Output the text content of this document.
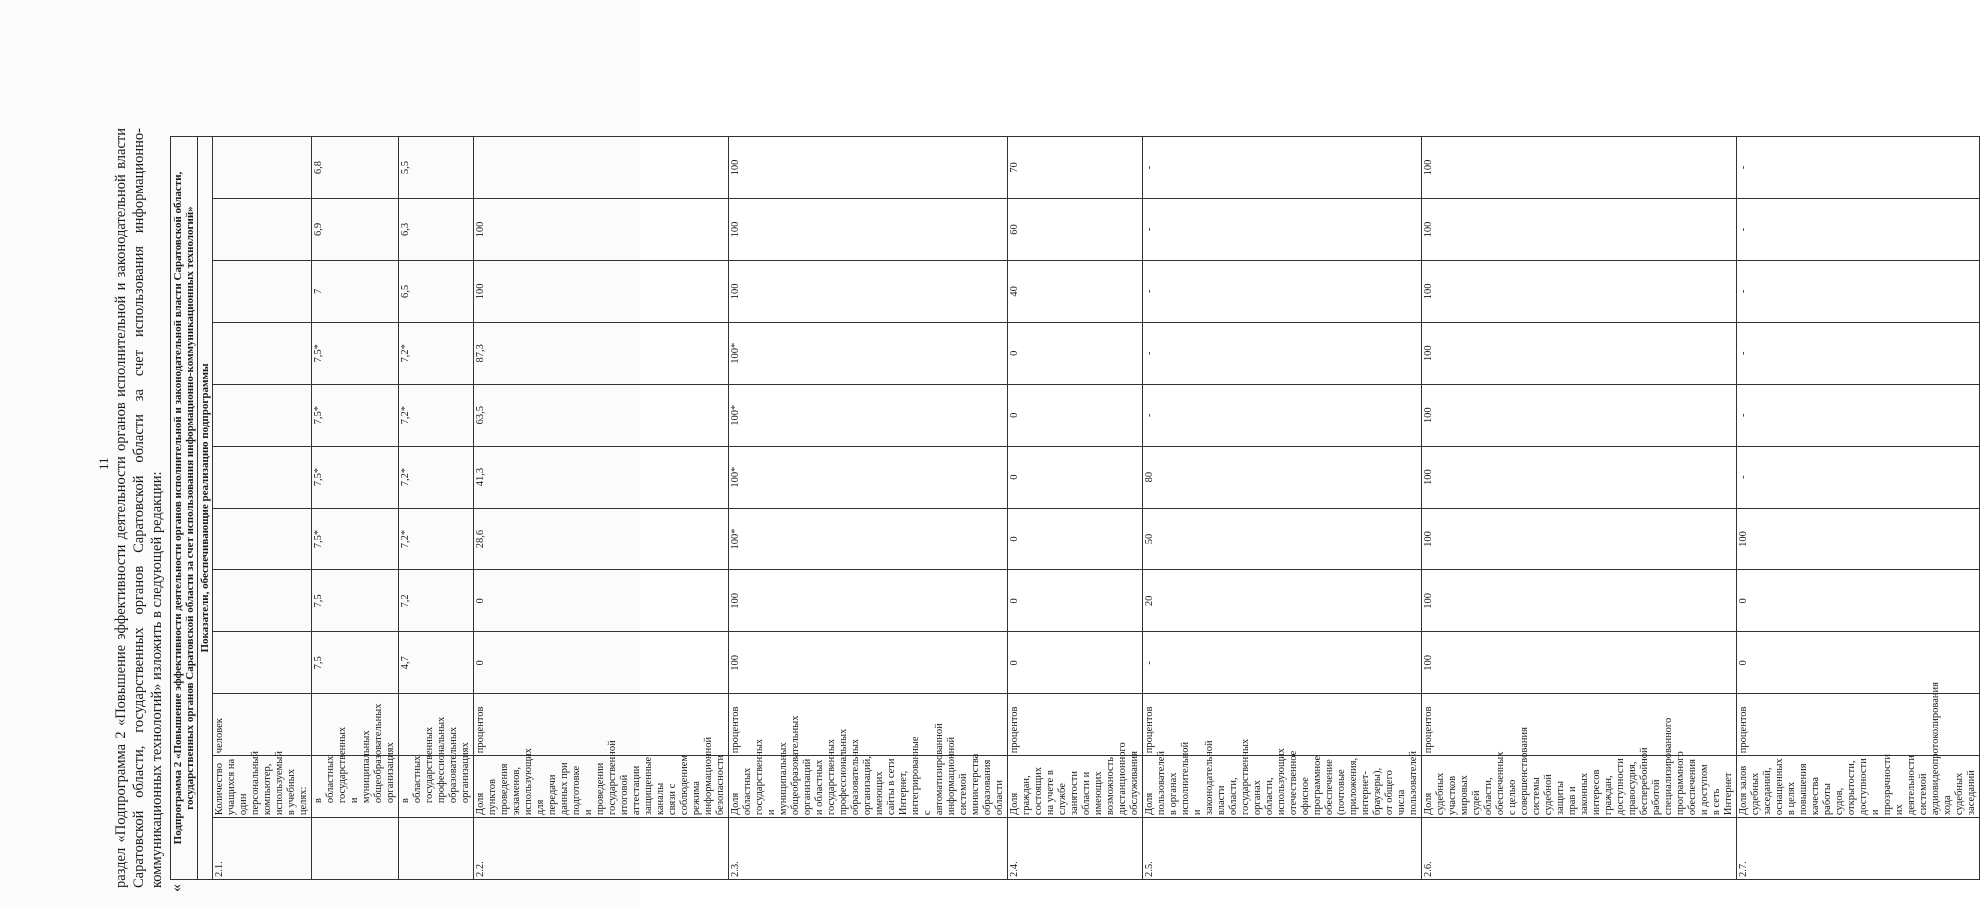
11 раздел «Подпрограмма 2 «Повышение эффективности деятельности органов исполнительной и законодательной власти Саратовской области, государственных органов Саратовской области за счет использования информационно-коммуникационных технологий» изложить в следующей редакции: «
Подпрограмма 2 «Повышение эффективности деятельности органов исполнительной и законодательной власти Саратовской области, государственных органов Саратовской области за счет использования информационно-коммуникационных технологий»											
Показатели, обеспечивающие реализацию подпрограммы											
2.1.	Количество учащихся на один персональный компьютер, используемый в учебных целях:	человек									
	в областных государственных и муниципальных общеобразовательных организациях		7,5	7,5	7,5*	7,5*	7,5*	7,5*	7	6,9	6,8
	в областных государственных профессиональных образовательных организациях		4,7	7,2	7,2*	7,2*	7,2*	7,2*	6,5	6,3	5,5
2.2.	Доля пунктов проведения экзаменов, использующих для передачи данных при подготовке и проведении государственной итоговой аттестации защищенные каналы связи с соблюдением режима информационной безопасности	процентов	0	0	28,6	41,3	63,5	87,3	100	100	
2.3.	Доля областных государственных и муниципальных общеобразовательных организаций и областных государственных профессиональных образовательных организаций, имеющих сайты в сети Интернет, интегрированные с автоматизированной информационной системой министерства образования области	процентов	100	100	100*	100*	100*	100*	100	100	100
2.4.	Доля граждан, состоящих на учете в службе занятости области и имеющих возможность дистанционного обслуживания	процентов	0	0	0	0	0	0	40	60	70
2.5.	Доля пользователей в органах исполнительной и законодательной власти области, государственных органах области, использующих отечественное офисное программное обеспечение (почтовые приложения, интернет-браузеры), от общего числа пользователей	процентов	-	20	50	80	-	-	-	-	-
2.6.	Доля судебных участков мировых судей области, обеспеченных с целью совершенствования системы судебной защиты прав и законных интересов граждан, доступности правосудия, бесперебойной работой специализированного программного обеспечения и доступом в сеть Интернет	процентов	100	100	100	100	100	100	100	100	100
2.7.	Доля залов судебных заседаний, оснащенных в целях повышения качества работы судов, открытости, доступности и прозрачности их деятельности системой аудиовидеопротоколирования хода судебных заседаний	процентов	0	0	100	-	-	-	-	-	-
